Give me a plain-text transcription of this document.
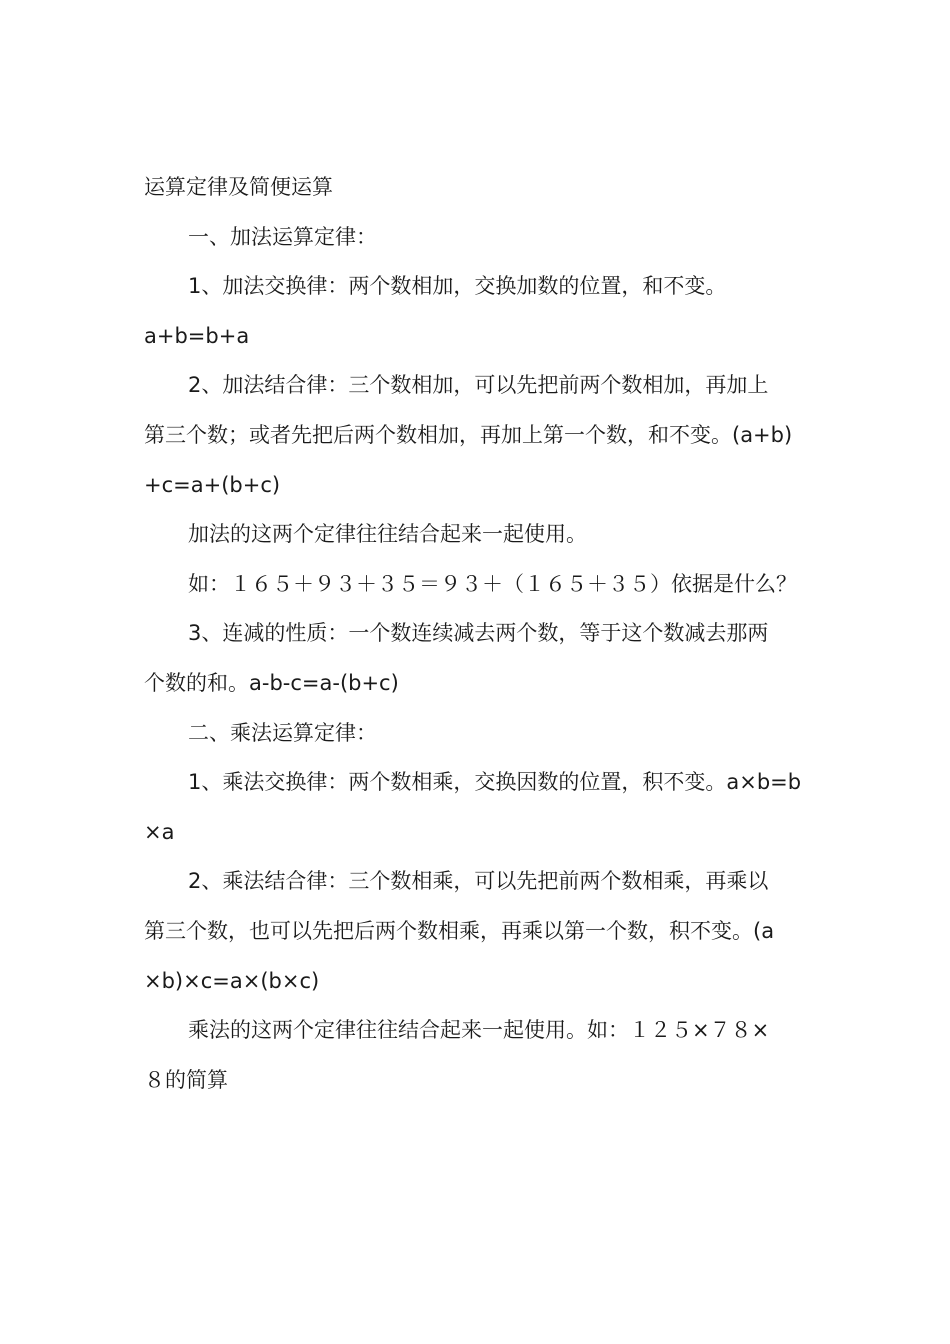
运算定律及简便运算
一、加法运算定律：
1、加法交换律：两个数相加，交换加数的位置，和不变。
a+b=b+a
2、加法结合律：三个数相加，可以先把前两个数相加，再加上
第三个数；或者先把后两个数相加，再加上第一个数，和不变。(a+b)
+c=a+(b+c)
加法的这两个定律往往结合起来一起使用。
如：１６５＋９３＋３５＝９３＋（１６５＋３５）依据是什么？
3、连减的性质：一个数连续减去两个数，等于这个数减去那两
个数的和。a-b-c=a-(b+c)
二、乘法运算定律：
1、乘法交换律：两个数相乘，交换因数的位置，积不变。a×b=b
×a
2、乘法结合律：三个数相乘，可以先把前两个数相乘，再乘以
第三个数，也可以先把后两个数相乘，再乘以第一个数，积不变。(a
×b)×c=a×(b×c)
乘法的这两个定律往往结合起来一起使用。如：１２５×７８×
８的简算
